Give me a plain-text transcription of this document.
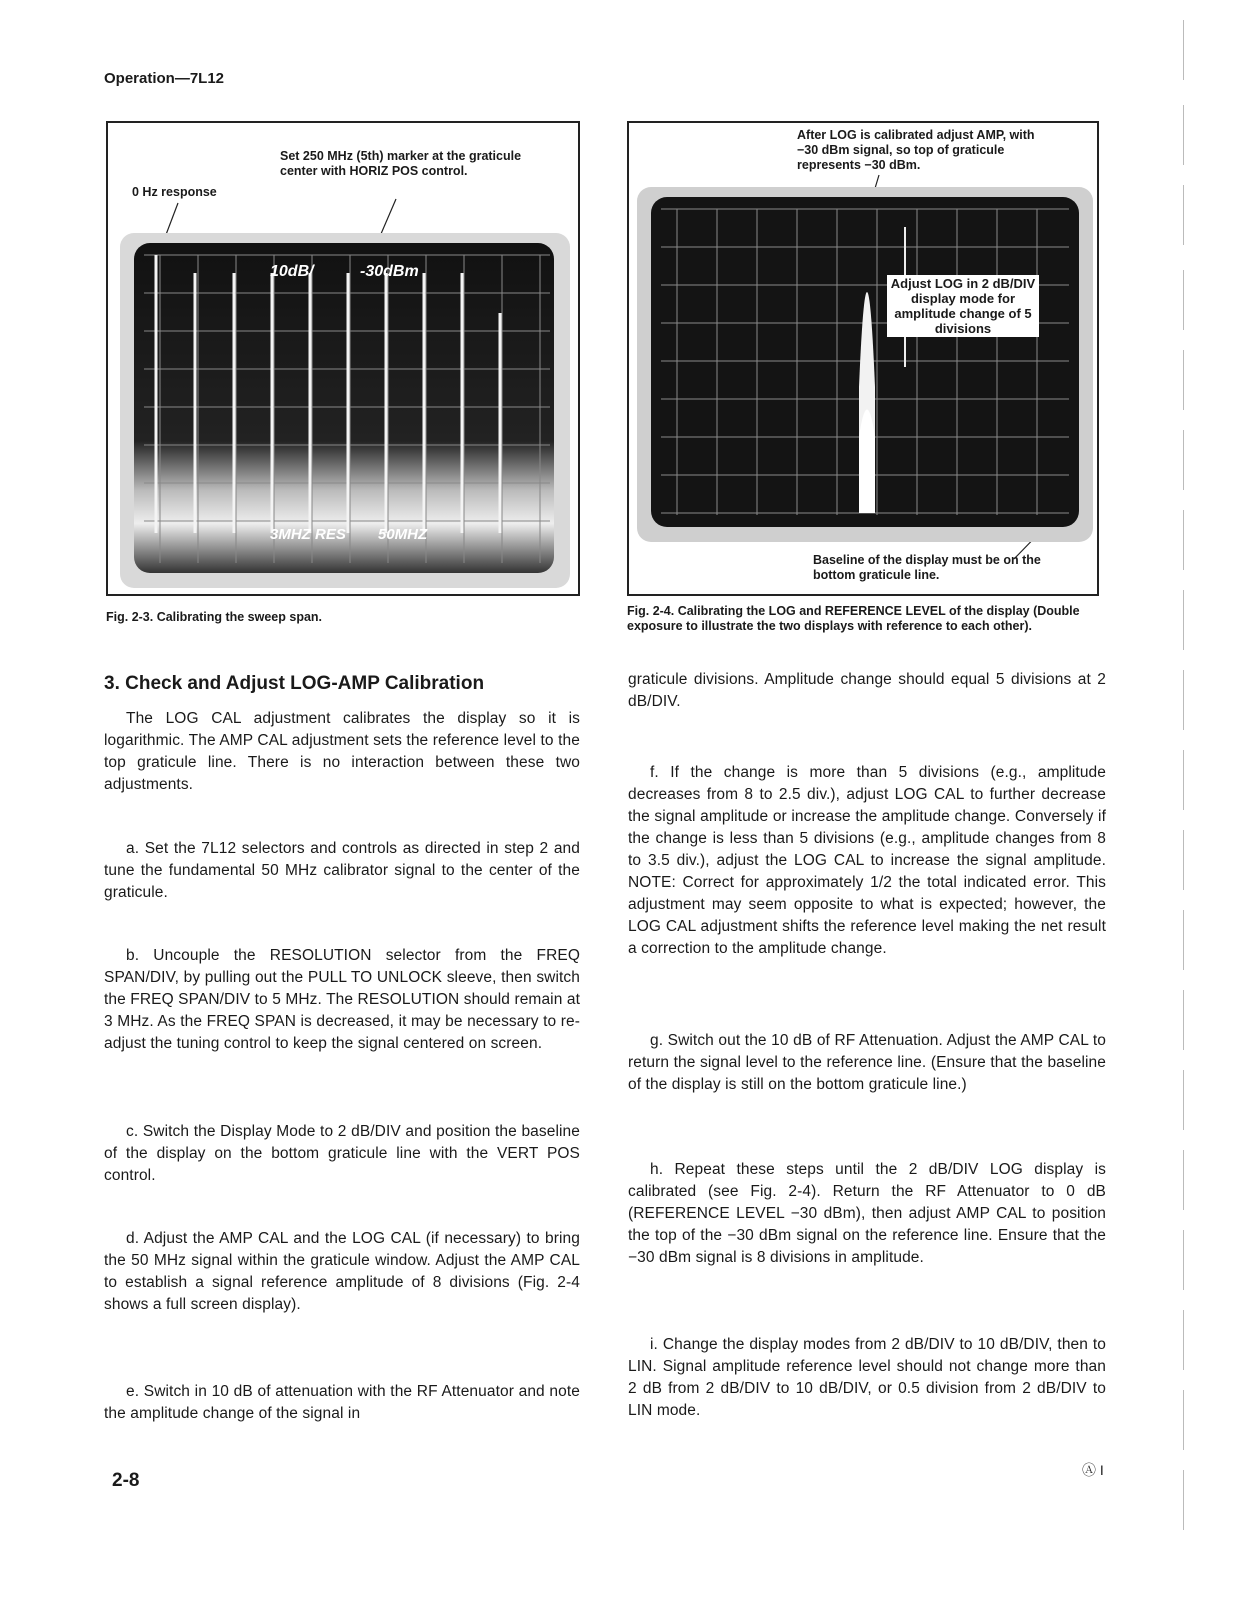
Operation—7L12
0 Hz response
Set 250 MHz (5th) marker at the graticule center with HORIZ POS control.
10dB/	-30dBm
3MHZ RES 50MHZ
Fig. 2-3. Calibrating the sweep span.
After LOG is calibrated adjust AMP, with −30 dBm signal, so top of graticule represents −30 dBm.
Adjust LOG in 2 dB/DIV display mode for amplitude change of 5 divisions
Baseline of the display must be on the bottom graticule line.
Fig. 2-4. Calibrating the LOG and REFERENCE LEVEL of the display (Double exposure to illustrate the two displays with reference to each other).
3. Check and Adjust LOG-AMP Calibration

The LOG CAL adjustment calibrates the display so it is logarithmic. The AMP CAL adjustment sets the reference level to the top graticule line. There is no interaction between these two adjustments.

a. Set the 7L12 selectors and controls as directed in step 2 and tune the fundamental 50 MHz calibrator signal to the center of the graticule.

b. Uncouple the RESOLUTION selector from the FREQ SPAN/DIV, by pulling out the PULL TO UNLOCK sleeve, then switch the FREQ SPAN/DIV to 5 MHz. The RESOLUTION should remain at 3 MHz. As the FREQ SPAN is decreased, it may be necessary to re-adjust the tuning control to keep the signal centered on screen.

c. Switch the Display Mode to 2 dB/DIV and position the baseline of the display on the bottom graticule line with the VERT POS control.

d. Adjust the AMP CAL and the LOG CAL (if necessary) to bring the 50 MHz signal within the graticule window. Adjust the AMP CAL to establish a signal reference amplitude of 8 divisions (Fig. 2-4 shows a full screen display).

e. Switch in 10 dB of attenuation with the RF Attenuator and note the amplitude change of the signal in

graticule divisions. Amplitude change should equal 5 divisions at 2 dB/DIV.

f. If the change is more than 5 divisions (e.g., amplitude decreases from 8 to 2.5 div.), adjust LOG CAL to further decrease the signal amplitude or increase the amplitude change. Conversely if the change is less than 5 divisions (e.g., amplitude changes from 8 to 3.5 div.), adjust the LOG CAL to increase the signal amplitude. NOTE: Correct for approximately 1/2 the total indicated error. This adjustment may seem opposite to what is expected; however, the LOG CAL adjustment shifts the reference level making the net result a correction to the amplitude change.

g. Switch out the 10 dB of RF Attenuation. Adjust the AMP CAL to return the signal level to the reference line. (Ensure that the baseline of the display is still on the bottom graticule line.)

h. Repeat these steps until the 2 dB/DIV LOG display is calibrated (see Fig. 2-4). Return the RF Attenuator to 0 dB (REFERENCE LEVEL −30 dBm), then adjust AMP CAL to position the top of the −30 dBm signal on the reference line. Ensure that the −30 dBm signal is 8 divisions in amplitude.

i. Change the display modes from 2 dB/DIV to 10 dB/DIV, then to LIN. Signal amplitude reference level should not change more than 2 dB from 2 dB/DIV to 10 dB/DIV, or 0.5 division from 2 dB/DIV to LIN mode.

2-8	Ⓐ I
